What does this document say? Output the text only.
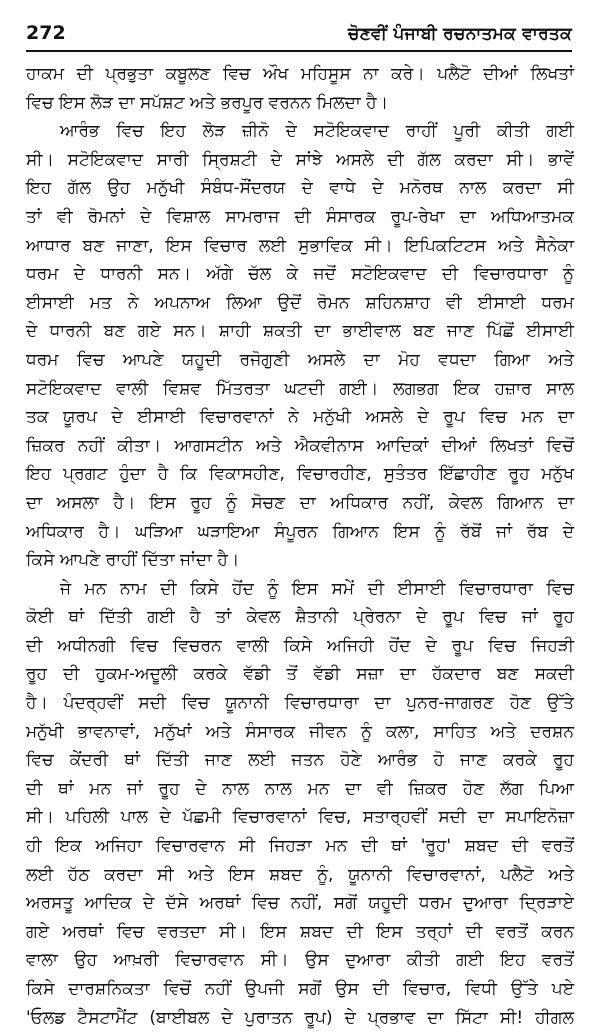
272	ਚੋਣਵੀਂ ਪੰਜਾਬੀ ਰਚਨਾਤਮਕ ਵਾਰਤਕ
ਹਾਕਮ ਦੀ ਪ੍ਰਭੁਤਾ ਕਬੂਲਣ ਵਿਚ ਔਖ ਮਹਿਸੂਸ ਨਾ ਕਰੇ। ਪਲੈਟੋ ਦੀਆਂ ਲਿਖਤਾਂ
ਵਿਚ ਇਸ ਲੋੜ ਦਾ ਸਪੱਸ਼ਟ ਅਤੇ ਭਰਪੂਰ ਵਰਨਨ ਮਿਲਦਾ ਹੈ।
ਆਰੰਭ ਵਿਚ ਇਹ ਲੋੜ ਜ਼ੀਨੋ ਦੇ ਸਟੋਇਕਵਾਦ ਰਾਹੀਂ ਪੂਰੀ ਕੀਤੀ ਗਈ
ਸੀ। ਸਟੋਇਕਵਾਦ ਸਾਰੀ ਸ੍ਰਿਸ਼ਟੀ ਦੇ ਸਾਂਝੇ ਅਸਲੇ ਦੀ ਗੱਲ ਕਰਦਾ ਸੀ। ਭਾਵੇਂ
ਇਹ ਗੱਲ ਉਹ ਮਨੁੱਖੀ ਸੰਬੰਧ-ਸੌਂਦਰਯ ਦੇ ਵਾਧੇ ਦੇ ਮਨੋਰਥ ਨਾਲ ਕਰਦਾ ਸੀ
ਤਾਂ ਵੀ ਰੋਮਨਾਂ ਦੇ ਵਿਸ਼ਾਲ ਸਾਮਰਾਜ ਦੀ ਸੰਸਾਰਕ ਰੂਪ-ਰੇਖਾ ਦਾ ਅਧਿਆਤਮਕ
ਆਧਾਰ ਬਣ ਜਾਣਾ, ਇਸ ਵਿਚਾਰ ਲਈ ਸੁਭਾਵਿਕ ਸੀ। ਇਪਿਕਟਿਟਸ ਅਤੇ ਸੈਨੇਕਾ
ਧਰਮ ਦੇ ਧਾਰਨੀ ਸਨ। ਅੱਗੇ ਚੱਲ ਕੇ ਜਦੋਂ ਸਟੋਇਕਵਾਦ ਦੀ ਵਿਚਾਰਧਾਰਾ ਨੂੰ
ਈਸਾਈ ਮਤ ਨੇ ਅਪਨਾਅ ਲਿਆ ਉਦੋਂ ਰੋਮਨ ਸ਼ਹਿਨਸ਼ਾਹ ਵੀ ਈਸਾਈ ਧਰਮ
ਦੇ ਧਾਰਨੀ ਬਣ ਗਏ ਸਨ। ਸ਼ਾਹੀ ਸ਼ਕਤੀ ਦਾ ਭਾਈਵਾਲ ਬਣ ਜਾਣ ਪਿੱਛੋਂ ਈਸਾਈ
ਧਰਮ ਵਿਚ ਆਪਣੇ ਯਹੂਦੀ ਰਜੋਗੁਣੀ ਅਸਲੇ ਦਾ ਮੋਹ ਵਧਦਾ ਗਿਆ ਅਤੇ
ਸਟੋਇਕਵਾਦ ਵਾਲੀ ਵਿਸ਼ਵ ਮਿੱਤਰਤਾ ਘਟਦੀ ਗਈ। ਲਗਭਗ ਇਕ ਹਜ਼ਾਰ ਸਾਲ
ਤਕ ਯੂਰਪ ਦੇ ਈਸਾਈ ਵਿਚਾਰਵਾਨਾਂ ਨੇ ਮਨੁੱਖੀ ਅਸਲੇ ਦੇ ਰੂਪ ਵਿਚ ਮਨ ਦਾ
ਜ਼ਿਕਰ ਨਹੀਂ ਕੀਤਾ। ਆਗਸਟੀਨ ਅਤੇ ਐਕਵੀਨਾਸ ਆਦਿਕਾਂ ਦੀਆਂ ਲਿਖਤਾਂ ਵਿਚੋਂ
ਇਹ ਪ੍ਰਗਟ ਹੁੰਦਾ ਹੈ ਕਿ ਵਿਕਾਸਹੀਣ, ਵਿਚਾਰਹੀਣ, ਸੁਤੰਤਰ ਇੱਛਾਹੀਣ ਰੂਹ ਮਨੁੱਖ
ਦਾ ਅਸਲਾ ਹੈ। ਇਸ ਰੂਹ ਨੂੰ ਸੋਚਣ ਦਾ ਅਧਿਕਾਰ ਨਹੀਂ, ਕੇਵਲ ਗਿਆਨ ਦਾ
ਅਧਿਕਾਰ ਹੈ। ਘੜਿਆ ਘੜਾਇਆ ਸੰਪੂਰਨ ਗਿਆਨ ਇਸ ਨੂੰ ਰੱਬੋਂ ਜਾਂ ਰੱਬ ਦੇ
ਕਿਸੇ ਆਪਣੇ ਰਾਹੀਂ ਦਿੱਤਾ ਜਾਂਦਾ ਹੈ।
ਜੇ ਮਨ ਨਾਮ ਦੀ ਕਿਸੇ ਹੋਂਦ ਨੂੰ ਇਸ ਸਮੇਂ ਦੀ ਈਸਾਈ ਵਿਚਾਰਧਾਰਾ ਵਿਚ
ਕੋਈ ਥਾਂ ਦਿੱਤੀ ਗਈ ਹੈ ਤਾਂ ਕੇਵਲ ਸ਼ੈਤਾਨੀ ਪ੍ਰੇਰਨਾ ਦੇ ਰੂਪ ਵਿਚ ਜਾਂ ਰੂਹ
ਦੀ ਅਧੀਨਗੀ ਵਿਚ ਵਿਚਰਨ ਵਾਲੀ ਕਿਸੇ ਅਜਿਹੀ ਹੋਂਦ ਦੇ ਰੂਪ ਵਿਚ ਜਿਹੜੀ
ਰੂਹ ਦੀ ਹੁਕਮ-ਅਦੂਲੀ ਕਰਕੇ ਵੱਡੀ ਤੋਂ ਵੱਡੀ ਸਜ਼ਾ ਦਾ ਹੱਕਦਾਰ ਬਣ ਸਕਦੀ
ਹੈ। ਪੰਦਰ੍ਹਵੀਂ ਸਦੀ ਵਿਚ ਯੂਨਾਨੀ ਵਿਚਾਰਧਾਰਾ ਦਾ ਪੁਨਰ-ਜਾਗਰਣ ਹੋਣ ਉੱਤੇ
ਮਨੁੱਖੀ ਭਾਵਨਾਵਾਂ, ਮਨੁੱਖਾਂ ਅਤੇ ਸੰਸਾਰਕ ਜੀਵਨ ਨੂੰ ਕਲਾ, ਸਾਹਿਤ ਅਤੇ ਦਰਸ਼ਨ
ਵਿਚ ਕੇਂਦਰੀ ਥਾਂ ਦਿੱਤੀ ਜਾਣ ਲਈ ਜਤਨ ਹੋਣੇ ਆਰੰਭ ਹੋ ਜਾਣ ਕਰਕੇ ਰੂਹ
ਦੀ ਥਾਂ ਮਨ ਜਾਂ ਰੂਹ ਦੇ ਨਾਲ ਨਾਲ ਮਨ ਦਾ ਵੀ ਜ਼ਿਕਰ ਹੋਣ ਲੱਗ ਪਿਆ
ਸੀ। ਪਹਿਲੀ ਪਾਲ ਦੇ ਪੱਛਮੀ ਵਿਚਾਰਵਾਨਾਂ ਵਿਚ, ਸਤਾਰ੍ਹਵੀਂ ਸਦੀ ਦਾ ਸਪਾਇਨੋਜ਼ਾ
ਹੀ ਇਕ ਅਜਿਹਾ ਵਿਚਾਰਵਾਨ ਸੀ ਜਿਹੜਾ ਮਨ ਦੀ ਥਾਂ 'ਰੂਹ' ਸ਼ਬਦ ਦੀ ਵਰਤੋਂ
ਲਈ ਹੱਠ ਕਰਦਾ ਸੀ ਅਤੇ ਇਸ ਸ਼ਬਦ ਨੂੰ, ਯੂਨਾਨੀ ਵਿਚਾਰਵਾਨਾਂ, ਪਲੈਟੋ ਅਤੇ
ਅਰਸਤੂ ਆਦਿਕ ਦੇ ਦੱਸੇ ਅਰਥਾਂ ਵਿਚ ਨਹੀਂ, ਸਗੋਂ ਯਹੂਦੀ ਧਰਮ ਦੁਆਰਾ ਦ੍ਰਿੜਾਏ
ਗਏ ਅਰਥਾਂ ਵਿਚ ਵਰਤਦਾ ਸੀ। ਇਸ ਸ਼ਬਦ ਦੀ ਇਸ ਤਰ੍ਹਾਂ ਦੀ ਵਰਤੋਂ ਕਰਨ
ਵਾਲਾ ਉਹ ਆਖ਼ਰੀ ਵਿਚਾਰਵਾਨ ਸੀ। ਉਸ ਦੁਆਰਾ ਕੀਤੀ ਗਈ ਇਹ ਵਰਤੋਂ
ਕਿਸੇ ਦਾਰਸ਼ਨਿਕਤਾ ਵਿਚੋਂ ਨਹੀਂ ਉਪਜੀ ਸਗੋਂ ਉਸ ਦੀ ਵਿਚਾਰ, ਵਿਧੀ ਉੱਤੇ ਪਏ
'ਓਲਡ ਟੈਸਟਾਮੈਂਟ (ਬਾਈਬਲ ਦੇ ਪੁਰਾਤਨ ਰੂਪ) ਦੇ ਪ੍ਰਭਾਵ ਦਾ ਸਿੱਟਾ ਸੀ! ਹੀਗਲ
